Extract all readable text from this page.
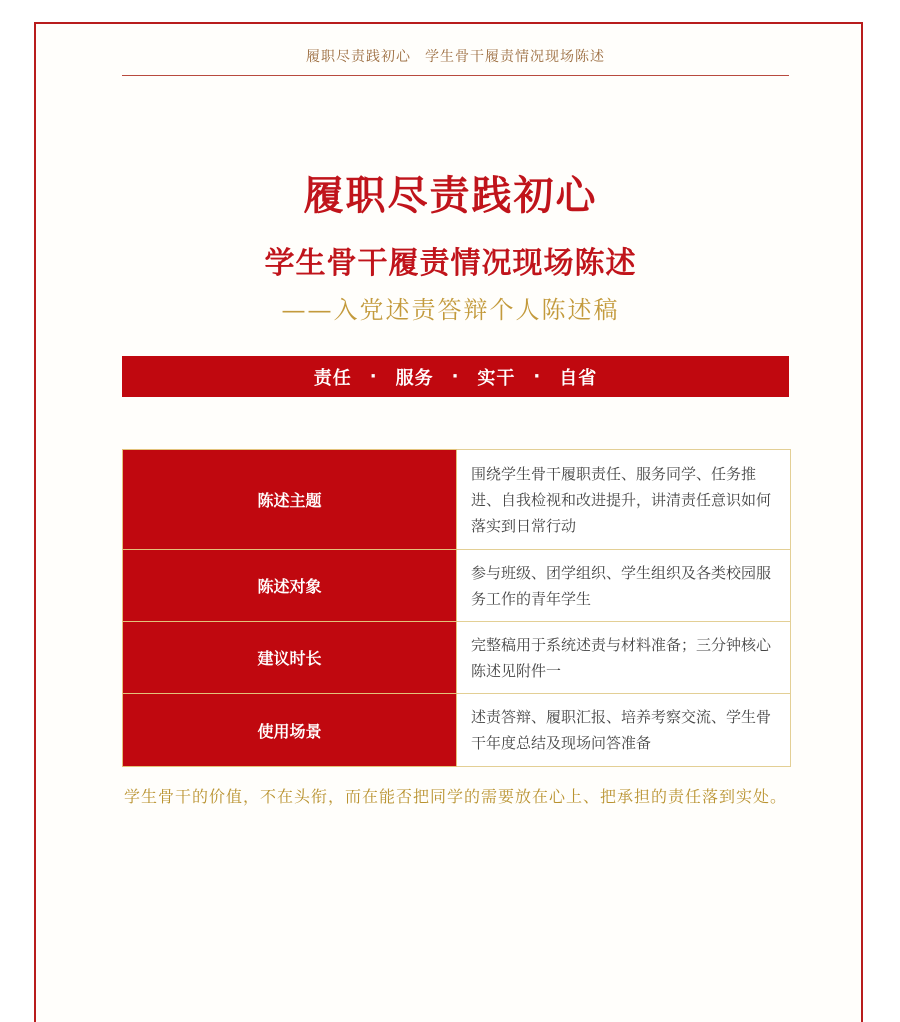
履职尽责践初心 学生骨干履责情况现场陈述
履职尽责践初心
学生骨干履责情况现场陈述
——入党述责答辩个人陈述稿
责任 · 服务 · 实干 · 自省
陈述主题	围绕学生骨干履职责任、服务同学、任务推进、自我检视和改进提升，讲清责任意识如何落实到日常行动
陈述对象	参与班级、团学组织、学生组织及各类校园服务工作的青年学生
建议时长	完整稿用于系统述责与材料准备；三分钟核心陈述见附件一
使用场景	述责答辩、履职汇报、培养考察交流、学生骨干年度总结及现场问答准备
学生骨干的价值，不在头衔，而在能否把同学的需要放在心上、把承担的责任落到实处。
